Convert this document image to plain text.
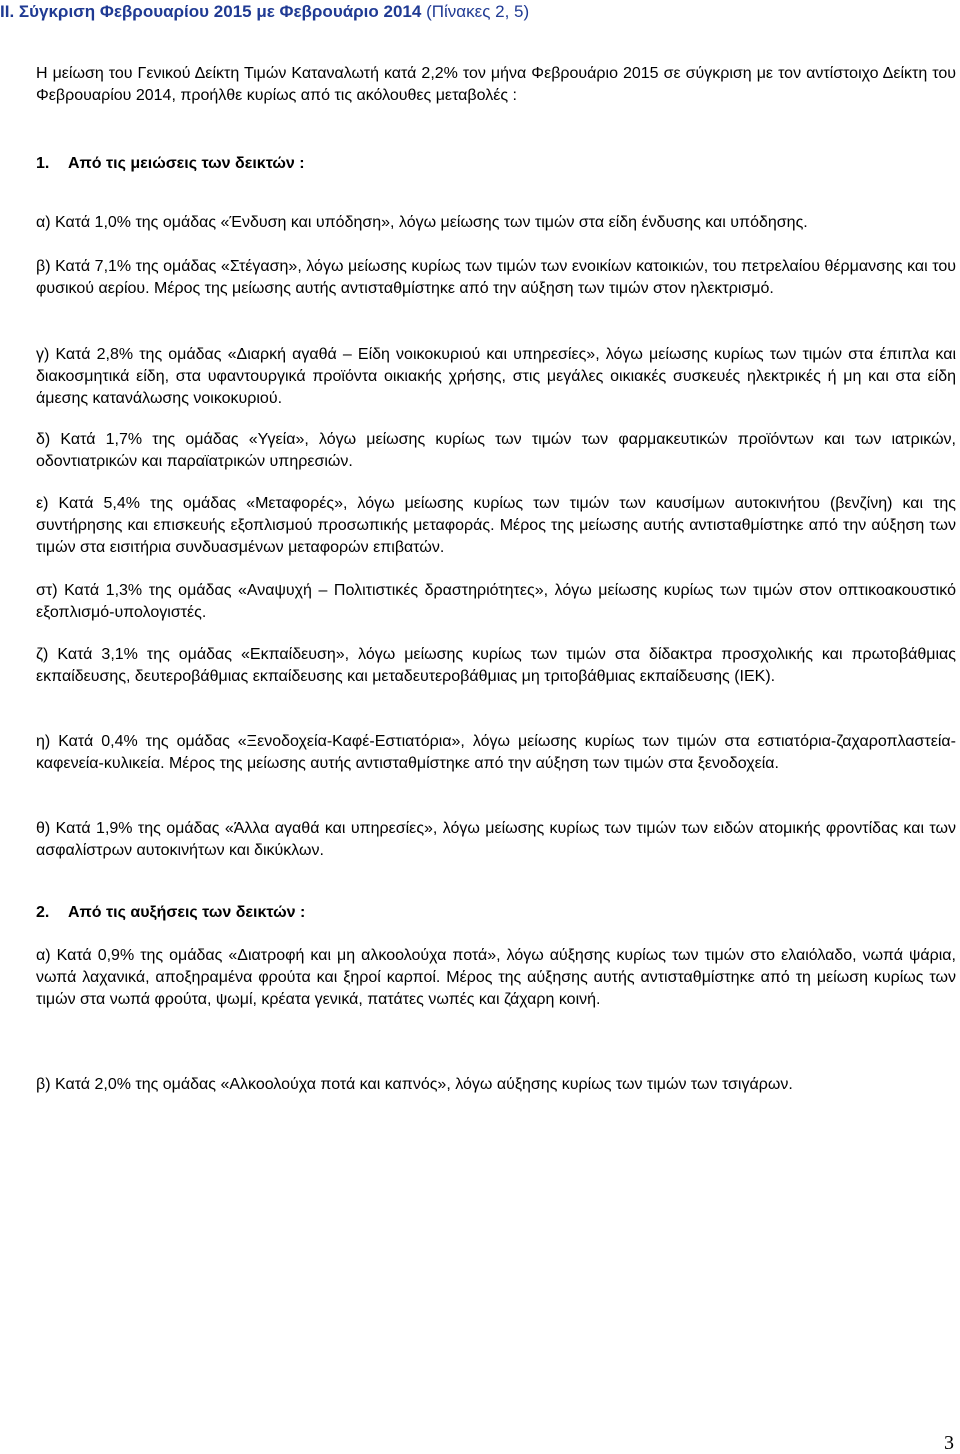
ΙΙ. Σύγκριση Φεβρουαρίου 2015 με Φεβρουάριο 2014 (Πίνακες 2, 5)

Η μείωση του Γενικού Δείκτη Τιμών Καταναλωτή κατά 2,2% τον μήνα Φεβρουάριο 2015 σε σύγκριση με τον αντίστοιχο Δείκτη του Φεβρουαρίου 2014, προήλθε κυρίως από τις ακόλουθες μεταβολές :

1. Από τις μειώσεις των δεικτών :

α) Κατά 1,0% της ομάδας «Ένδυση και υπόδηση», λόγω μείωσης των τιμών στα είδη ένδυσης και υπόδησης.

β) Κατά 7,1% της ομάδας «Στέγαση», λόγω μείωσης κυρίως των τιμών των ενοικίων κατοικιών, του πετρελαίου θέρμανσης και του φυσικού αερίου. Μέρος της μείωσης αυτής αντισταθμίστηκε από την αύξηση των τιμών στον ηλεκτρισμό.

γ) Κατά 2,8% της ομάδας «Διαρκή αγαθά – Είδη νοικοκυριού και υπηρεσίες», λόγω μείωσης κυρίως των τιμών στα έπιπλα και διακοσμητικά είδη, στα υφαντουργικά προϊόντα οικιακής χρήσης, στις μεγάλες οικιακές συσκευές ηλεκτρικές ή μη και στα είδη άμεσης κατανάλωσης νοικοκυριού.

δ) Κατά 1,7% της ομάδας «Υγεία», λόγω μείωσης κυρίως των τιμών των φαρμακευτικών προϊόντων και των ιατρικών, οδοντιατρικών και παραϊατρικών υπηρεσιών.

ε) Κατά 5,4% της ομάδας «Μεταφορές», λόγω μείωσης κυρίως των τιμών των καυσίμων αυτοκινήτου (βενζίνη) και της συντήρησης και επισκευής εξοπλισμού προσωπικής μεταφοράς. Μέρος της μείωσης αυτής αντισταθμίστηκε από την αύξηση των τιμών στα εισιτήρια συνδυασμένων μεταφορών επιβατών.

στ) Κατά 1,3% της ομάδας «Αναψυχή – Πολιτιστικές δραστηριότητες», λόγω μείωσης κυρίως των τιμών στον οπτικοακουστικό εξοπλισμό-υπολογιστές.

ζ) Κατά 3,1% της ομάδας «Εκπαίδευση», λόγω μείωσης κυρίως των τιμών στα δίδακτρα προσχολικής και πρωτοβάθμιας εκπαίδευσης, δευτεροβάθμιας εκπαίδευσης και μεταδευτεροβάθμιας μη τριτοβάθμιας εκπαίδευσης (ΙΕΚ).

η) Κατά 0,4% της ομάδας «Ξενοδοχεία-Καφέ-Εστιατόρια», λόγω μείωσης κυρίως των τιμών στα εστιατόρια-ζαχαροπλαστεία-καφενεία-κυλικεία. Μέρος της μείωσης αυτής αντισταθμίστηκε από την αύξηση των τιμών στα ξενοδοχεία.

θ) Κατά 1,9% της ομάδας «Άλλα αγαθά και υπηρεσίες», λόγω μείωσης κυρίως των τιμών των ειδών ατομικής φροντίδας και των ασφαλίστρων αυτοκινήτων και δικύκλων.

2. Από τις αυξήσεις των δεικτών :

α) Κατά 0,9% της ομάδας «Διατροφή και μη αλκοολούχα ποτά», λόγω αύξησης κυρίως των τιμών στο ελαιόλαδο, νωπά ψάρια, νωπά λαχανικά, αποξηραμένα φρούτα και ξηροί καρποί. Μέρος της αύξησης αυτής αντισταθμίστηκε από τη μείωση κυρίως των τιμών στα νωπά φρούτα, ψωμί, κρέατα γενικά, πατάτες νωπές και ζάχαρη κοινή.

β) Κατά 2,0% της ομάδας «Αλκοολούχα ποτά και καπνός», λόγω αύξησης κυρίως των τιμών των τσιγάρων.

3
